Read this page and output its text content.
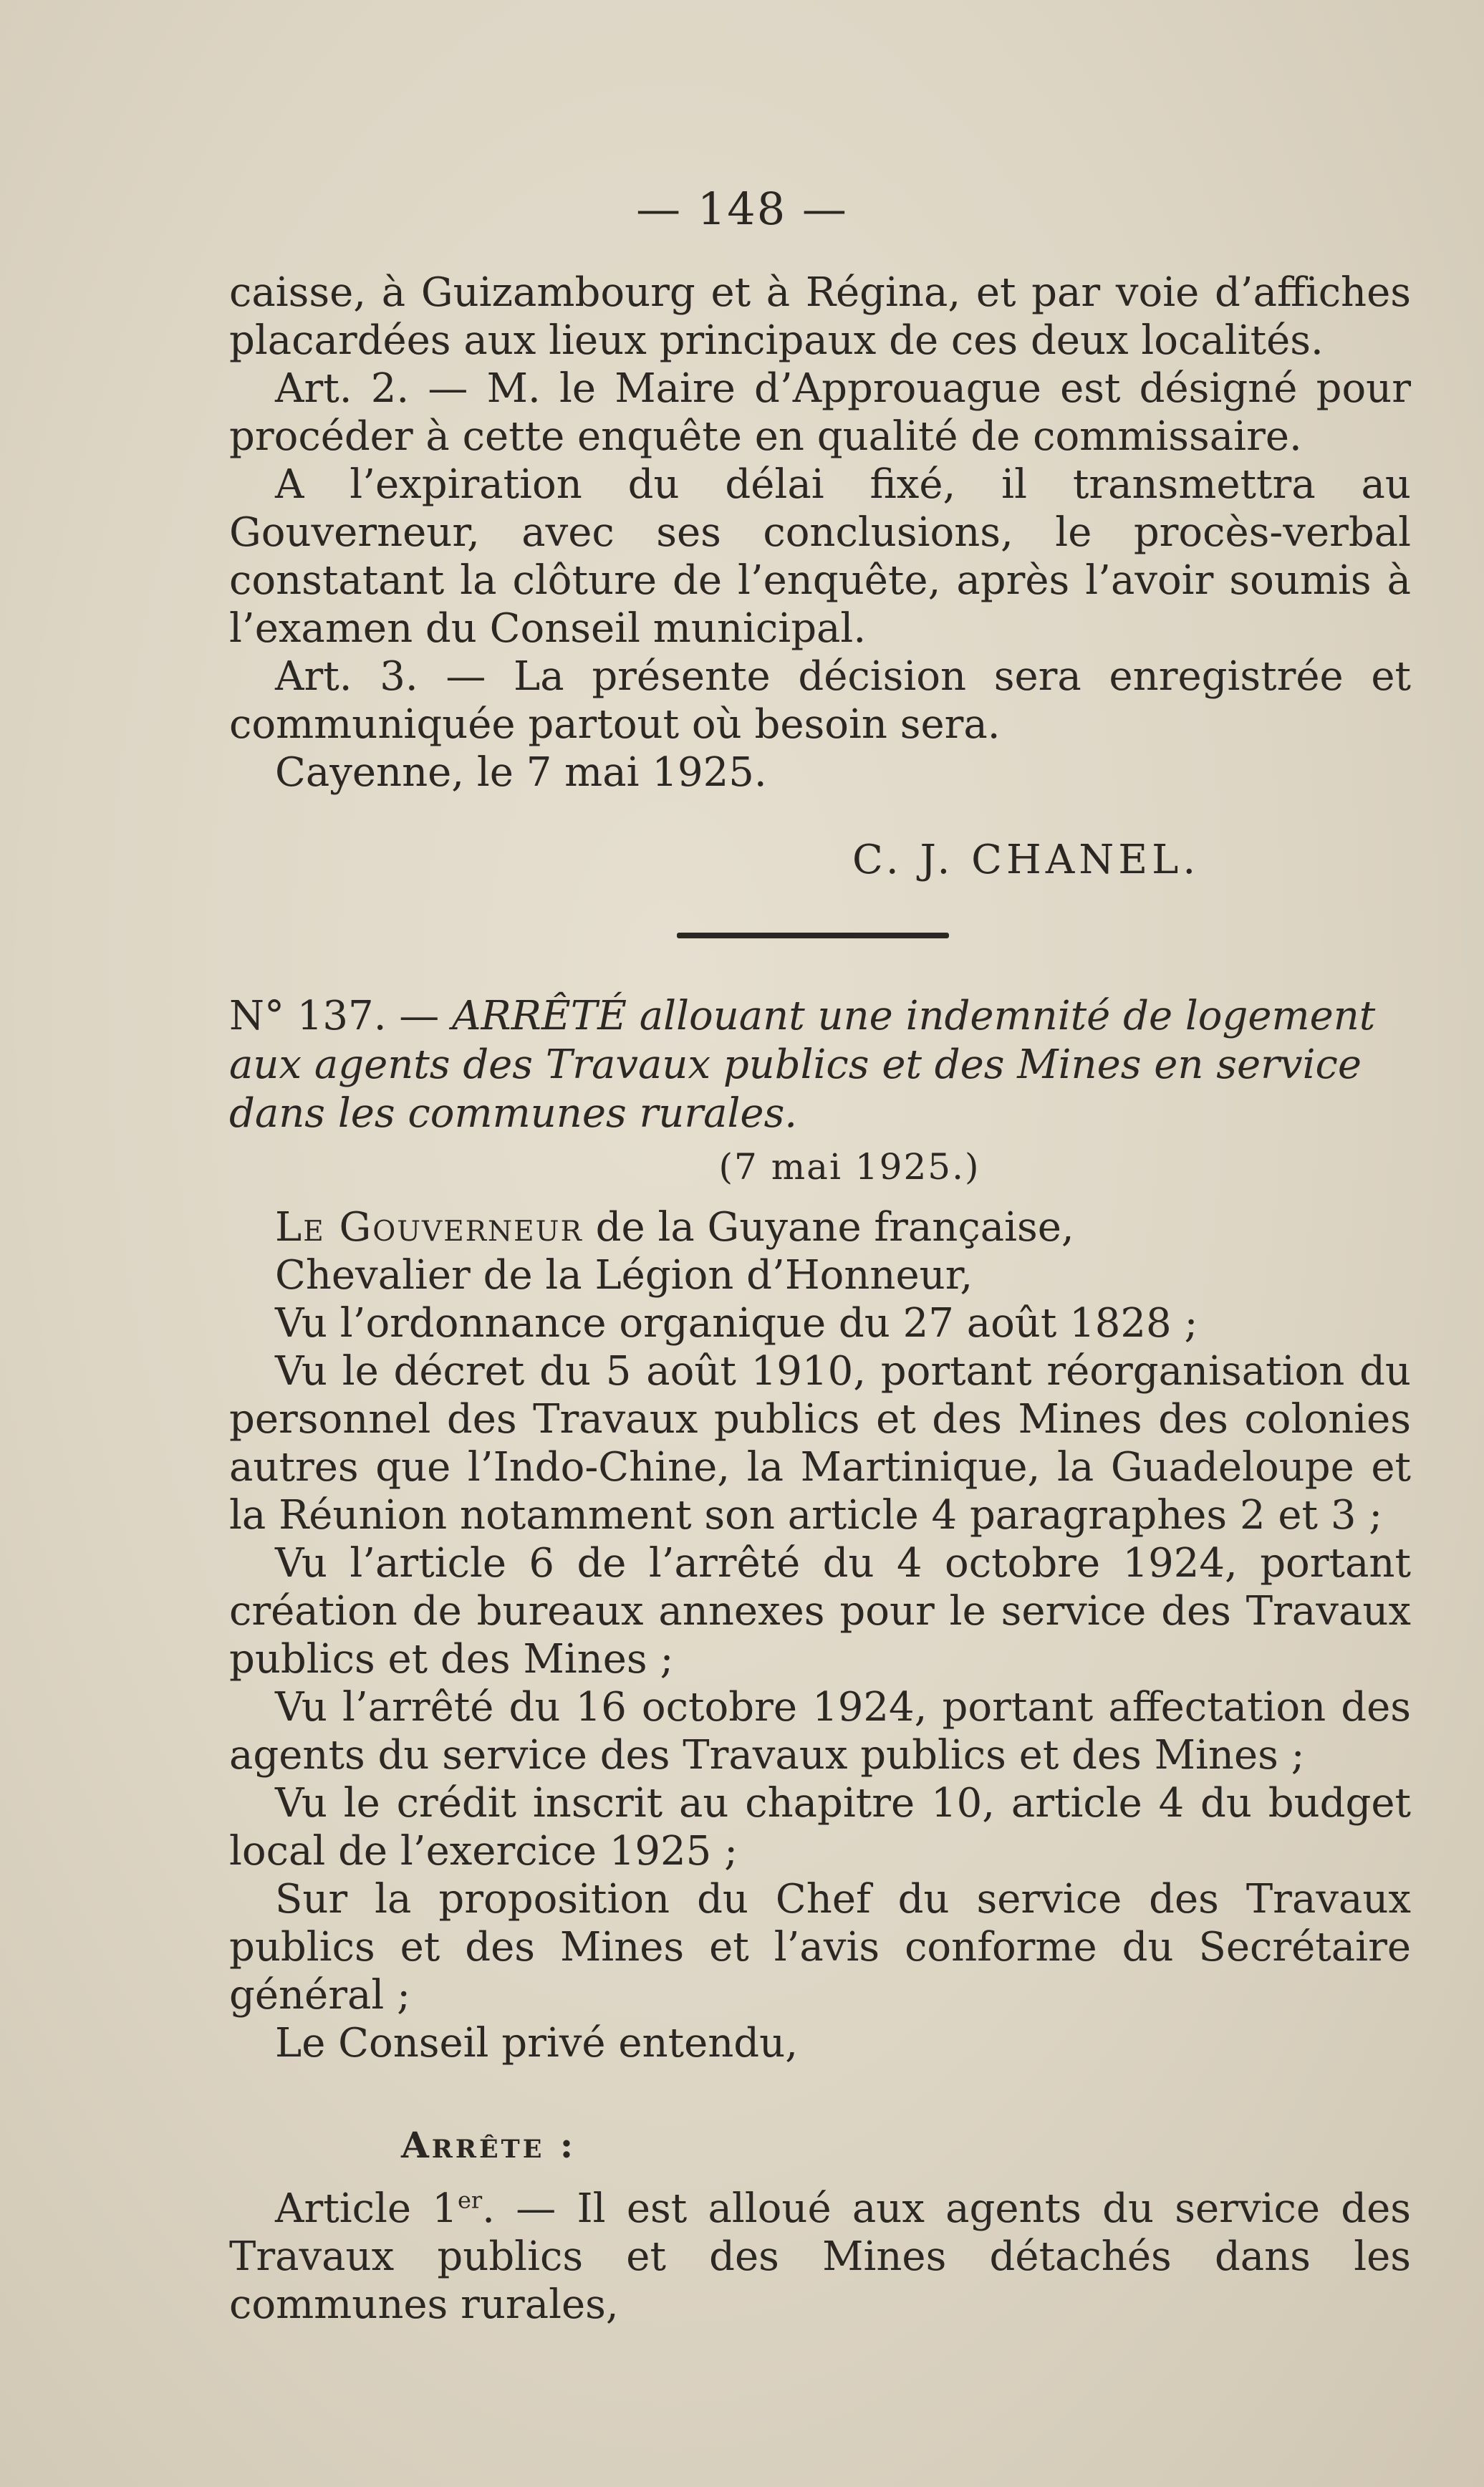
— 148 —

caisse, à Guizambourg et à Régina, et par voie d’affiches placardées aux lieux principaux de ces deux localités.

Art. 2. — M. le Maire d’Approuague est désigné pour procéder à cette enquête en qualité de commissaire.

A l’expiration du délai fixé, il transmettra au Gouverneur, avec ses conclusions, le procès-verbal constatant la clôture de l’enquête, après l’avoir soumis à l’examen du Conseil municipal.

Art. 3. — La présente décision sera enregistrée et communiquée partout où besoin sera.

Cayenne, le 7 mai 1925.

C. J. CHANEL.
N° 137. — ARRÊTÉ allouant une indemnité de logement aux agents des Travaux publics et des Mines en service dans les communes rurales.
(7 mai 1925.)

Le Gouverneur de la Guyane française,

Chevalier de la Légion d’Honneur,

Vu l’ordonnance organique du 27 août 1828 ;

Vu le décret du 5 août 1910, portant réorganisation du personnel des Travaux publics et des Mines des colonies autres que l’Indo-Chine, la Martinique, la Guadeloupe et la Réunion notamment son article 4 paragraphes 2 et 3 ;

Vu l’article 6 de l’arrêté du 4 octobre 1924, portant création de bureaux annexes pour le service des Travaux publics et des Mines ;

Vu l’arrêté du 16 octobre 1924, portant affectation des agents du service des Travaux publics et des Mines ;

Vu le crédit inscrit au chapitre 10, article 4 du budget local de l’exercice 1925 ;

Sur la proposition du Chef du service des Travaux publics et des Mines et l’avis conforme du Secrétaire général ;

Le Conseil privé entendu,

Arrête :

Article 1er. — Il est alloué aux agents du service des Travaux publics et des Mines détachés dans les communes rurales,
